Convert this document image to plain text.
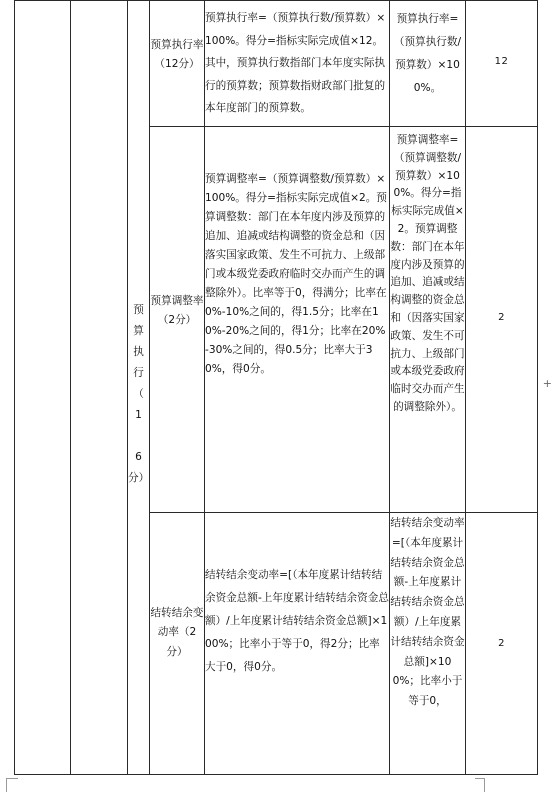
预
算
执
行
（
1
6
分）
预算执行率（12分）
预算执行率=（预算执行数/预算数）×100%。得分=指标实际完成值×12。其中，预算执行数指部门本年度实际执行的预算数；预算数指财政部门批复的本年度部门的预算数。
预算执行率=（预算执行数/预算数）×100%。
12
预算调整率（2分）
预算调整率=（预算调整数/预算数）×100%。得分=指标实际完成值×2。预算调整数：部门在本年度内涉及预算的追加、追减或结构调整的资金总和（因落实国家政策、发生不可抗力、上级部门或本级党委政府临时交办而产生的调整除外）。比率等于0，得满分；比率在0%-10%之间的，得1.5分；比率在10%-20%之间的，得1分；比率在20%-30%之间的，得0.5分；比率大于30%，得0分。
预算调整率=（预算调整数/预算数）×100%。得分=指标实际完成值×2。预算调整数：部门在本年度内涉及预算的追加、追减或结构调整的资金总和（因落实国家政策、发生不可抗力、上级部门或本级党委政府临时交办而产生的调整除外）。
2
结转结余变动率（2分）
结转结余变动率=[（本年度累计结转结余资金总额-上年度累计结转结余资金总额）/上年度累计结转结余资金总额]×100%；比率小于等于0，得2分；比率大于0，得0分。
结转结余变动率=[（本年度累计结转结余资金总额-上年度累计结转结余资金总额）/上年度累计结转结余资金总额]×100%；比率小于等于0，
2
+
